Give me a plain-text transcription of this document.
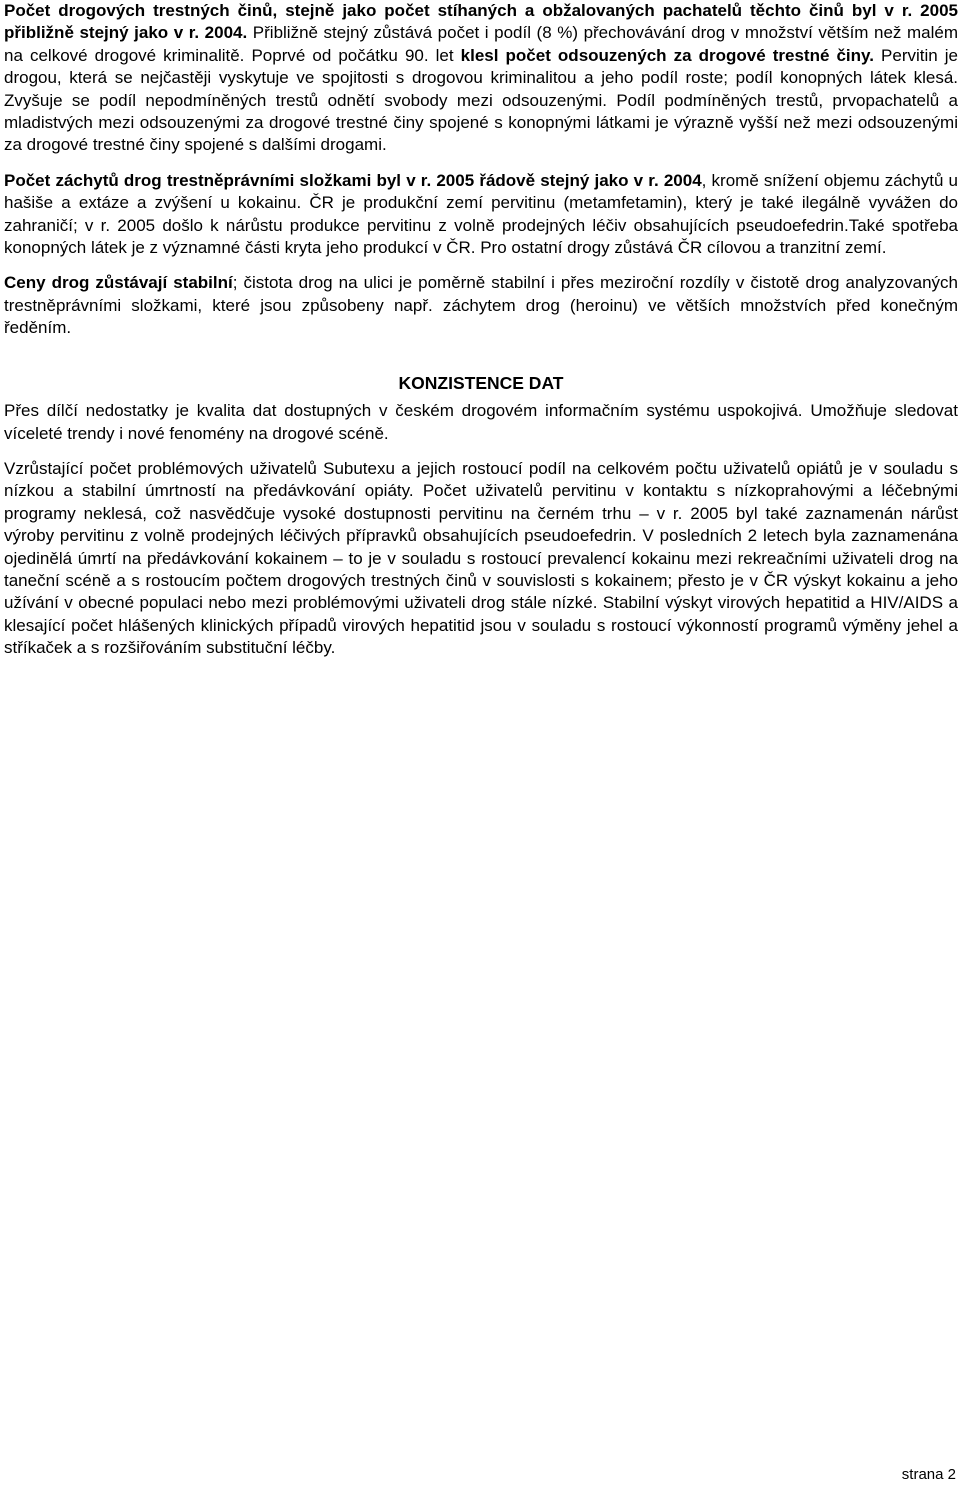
Počet drogových trestných činů, stejně jako počet stíhaných a obžalovaných pachatelů těchto činů byl v r. 2005 přibližně stejný jako v r. 2004. Přibližně stejný zůstává počet i podíl (8 %) přechovávání drog v množství větším než malém na celkové drogové kriminalitě. Poprvé od počátku 90. let klesl počet odsouzených za drogové trestné činy. Pervitin je drogou, která se nejčastěji vyskytuje ve spojitosti s drogovou kriminalitou a jeho podíl roste; podíl konopných látek klesá. Zvyšuje se podíl nepodmíněných trestů odnětí svobody mezi odsouzenými. Podíl podmíněných trestů, prvopachatelů a mladistvých mezi odsouzenými za drogové trestné činy spojené s konopnými látkami je výrazně vyšší než mezi odsouzenými za drogové trestné činy spojené s dalšími drogami.

Počet záchytů drog trestněprávními složkami byl v r. 2005 řádově stejný jako v r. 2004, kromě snížení objemu záchytů u hašiše a extáze a zvýšení u kokainu. ČR je produkční zemí pervitinu (metamfetamin), který je také ilegálně vyvážen do zahraničí; v r. 2005 došlo k nárůstu produkce pervitinu z volně prodejných léčiv obsahujících pseudoefedrin.Také spotřeba konopných látek je z významné části kryta jeho produkcí v ČR. Pro ostatní drogy zůstává ČR cílovou a tranzitní zemí.

Ceny drog zůstávají stabilní; čistota drog na ulici je poměrně stabilní i přes meziroční rozdíly v čistotě drog analyzovaných trestněprávními složkami, které jsou způsobeny např. záchytem drog (heroinu) ve větších množstvích před konečným ředěním.

KONZISTENCE DAT

Přes dílčí nedostatky je kvalita dat dostupných v českém drogovém informačním systému uspokojivá. Umožňuje sledovat víceleté trendy i nové fenomény na drogové scéně.

Vzrůstající počet problémových uživatelů Subutexu a jejich rostoucí podíl na celkovém počtu uživatelů opiátů je v souladu s nízkou a stabilní úmrtností na předávkování opiáty. Počet uživatelů pervitinu v kontaktu s nízkoprahovými a léčebnými programy neklesá, což nasvědčuje vysoké dostupnosti pervitinu na černém trhu – v r. 2005 byl také zaznamenán nárůst výroby pervitinu z volně prodejných léčivých přípravků obsahujících pseudoefedrin. V posledních 2 letech byla zaznamenána ojedinělá úmrtí na předávkování kokainem – to je v souladu s rostoucí prevalencí kokainu mezi rekreačními uživateli drog na taneční scéně a s rostoucím počtem drogových trestných činů v souvislosti s kokainem; přesto je v ČR výskyt kokainu a jeho užívání v obecné populaci nebo mezi problémovými uživateli drog stále nízké. Stabilní výskyt virových hepatitid a HIV/AIDS a klesající počet hlášených klinických případů virových hepatitid jsou v souladu s rostoucí výkonností programů výměny jehel a stříkaček a s rozšiřováním substituční léčby.

strana 2
